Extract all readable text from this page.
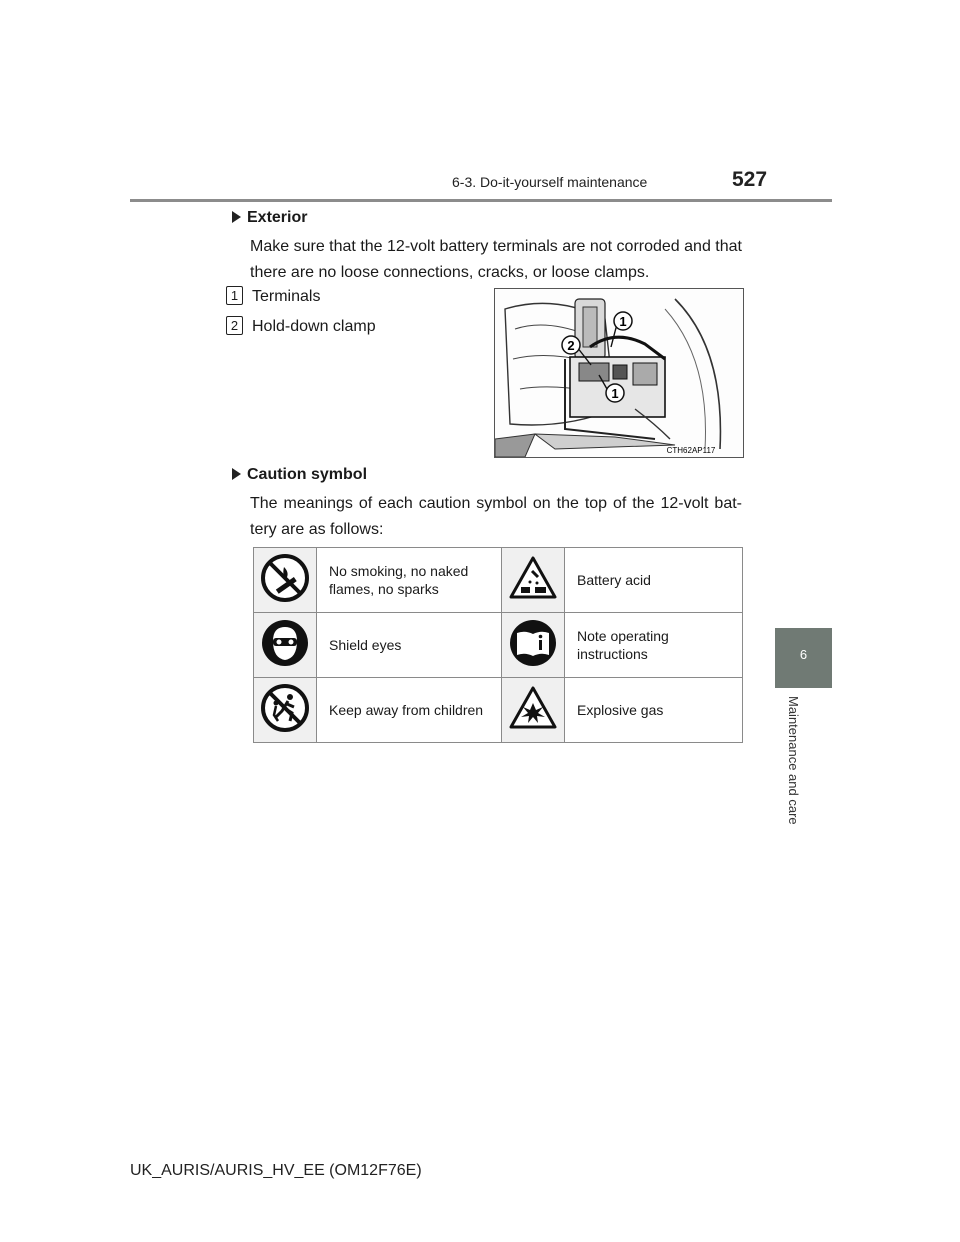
6-3. Do-it-yourself maintenance	527
6
Maintenance and care
Exterior
Make sure that the 12-volt battery terminals are not corroded and that there are no loose connections, cracks, or loose clamps.
1 Terminals
2 Hold-down clamp	1
2
1
CTH62AP117
Caution symbol
The meanings of each caution symbol on the top of the 12-volt bat- tery are as follows:
	No smoking, no naked flames, no sparks		Battery acid
	Shield eyes		Note operating instructions
	Keep away from children		Explosive gas
UK_AURIS/AURIS_HV_EE (OM12F76E)
